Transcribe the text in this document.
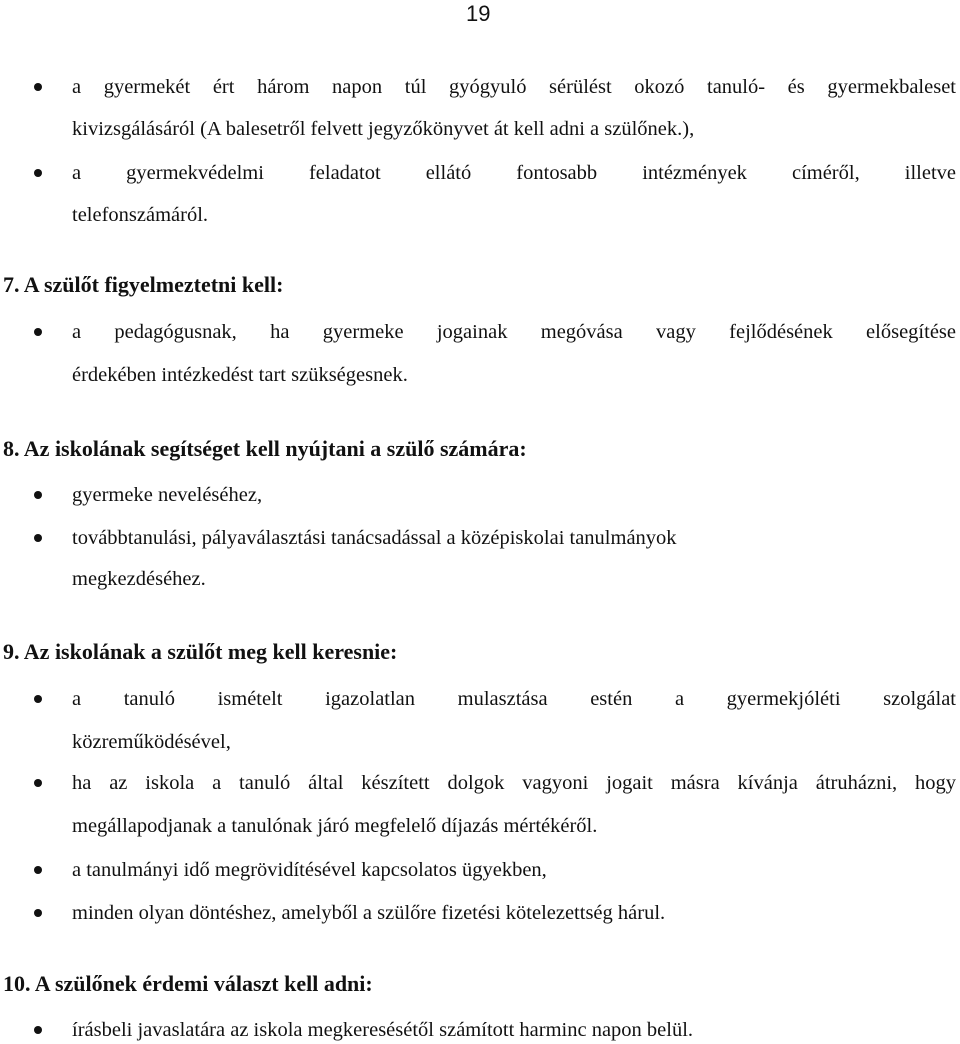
19
a gyermekét ért három napon túl gyógyuló sérülést okozó tanuló- és gyermekbaleset
kivizsgálásáról (A balesetről felvett jegyzőkönyvet át kell adni a szülőnek.),
a gyermekvédelmi feladatot ellátó fontosabb intézmények címéről, illetve
telefonszámáról.
7. A szülőt figyelmeztetni kell:
a pedagógusnak, ha gyermeke jogainak megóvása vagy fejlődésének elősegítése
érdekében intézkedést tart szükségesnek.
8. Az iskolának segítséget kell nyújtani a szülő számára:
gyermeke neveléséhez,
továbbtanulási, pályaválasztási tanácsadással a középiskolai tanulmányok
megkezdéséhez.
9. Az iskolának a szülőt meg kell keresnie:
a tanuló ismételt igazolatlan mulasztása estén a gyermekjóléti szolgálat
közreműködésével,
ha az iskola a tanuló által készített dolgok vagyoni jogait másra kívánja átruházni, hogy
megállapodjanak a tanulónak járó megfelelő díjazás mértékéről.
a tanulmányi idő megrövidítésével kapcsolatos ügyekben,
minden olyan döntéshez, amelyből a szülőre fizetési kötelezettség hárul.
10. A szülőnek érdemi választ kell adni:
írásbeli javaslatára az iskola megkeresésétől számított harminc napon belül.
